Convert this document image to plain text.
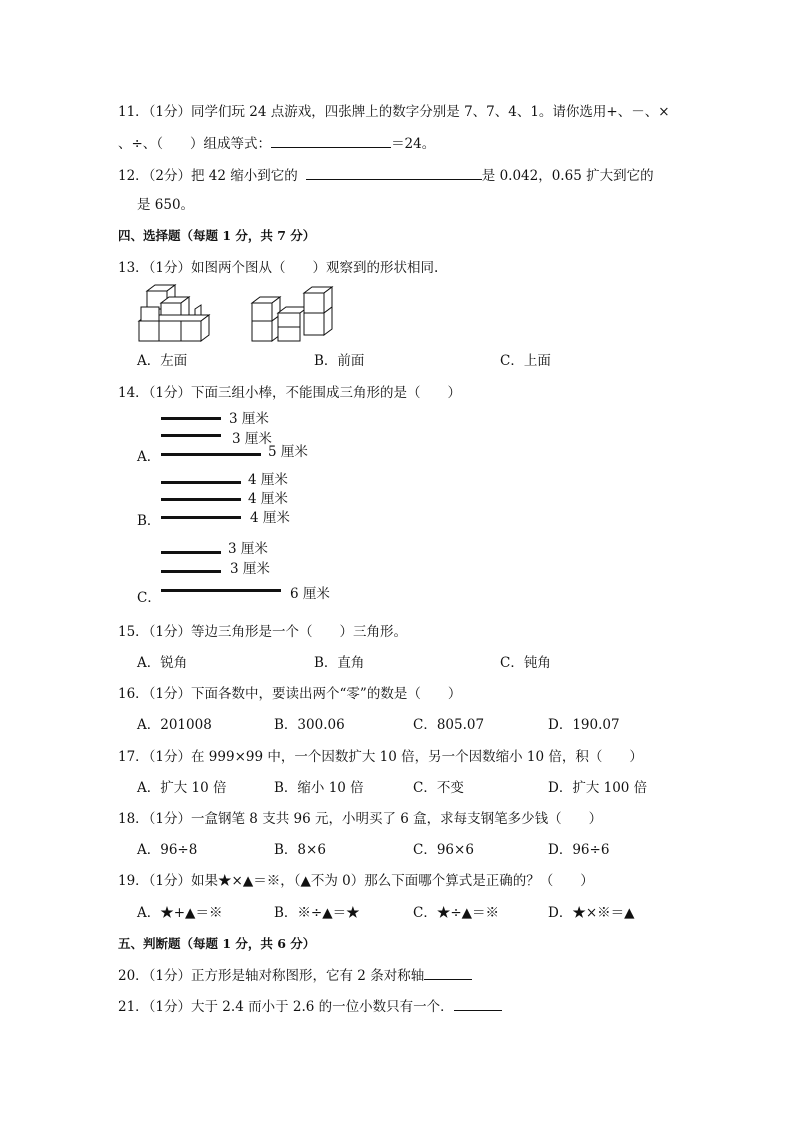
11．（1分）同学们玩 24 点游戏，四张牌上的数字分别是 7、7、4、1。请你选用+、－、×
、÷、（　　）组成等式：	＝24。
12．（2分）把 42 缩小到它的	是 0.042，0.65 扩大到它的
是 650。
四、选择题（每题 1 分，共 7 分）
13．（1分）如图两个图从（　　）观察到的形状相同.
A．左面	B．前面	C．上面
14．（1分）下面三组小棒，不能围成三角形的是（　　）
3 厘米
3 厘米
A．	5 厘米
4 厘米
4 厘米
B．	4 厘米
3 厘米
3 厘米
C．	6 厘米
15．（1分）等边三角形是一个（　　）三角形。
A．锐角	B．直角	C．钝角
16．（1分）下面各数中，要读出两个“零”的数是（　　）
A．201008	B．300.06	C．805.07	D．190.07
17．（1分）在 999×99 中，一个因数扩大 10 倍，另一个因数缩小 10 倍，积（　　）
A．扩大 10 倍	B．缩小 10 倍	C．不变	D．扩大 100 倍
18．（1分）一盒钢笔 8 支共 96 元，小明买了 6 盒，求每支钢笔多少钱（　　）
A．96÷8	B．8×6	C．96×6	D．96÷6
19．（1分）如果★×▲＝※，（▲不为 0）那么下面哪个算式是正确的？（　　）
A．★+▲＝※	B．※÷▲＝★	C．★÷▲＝※	D．★×※＝▲
五、判断题（每题 1 分，共 6 分）
20．（1分）正方形是轴对称图形，它有 2 条对称轴
21．（1分）大于 2.4 而小于 2.6 的一位小数只有一个．
